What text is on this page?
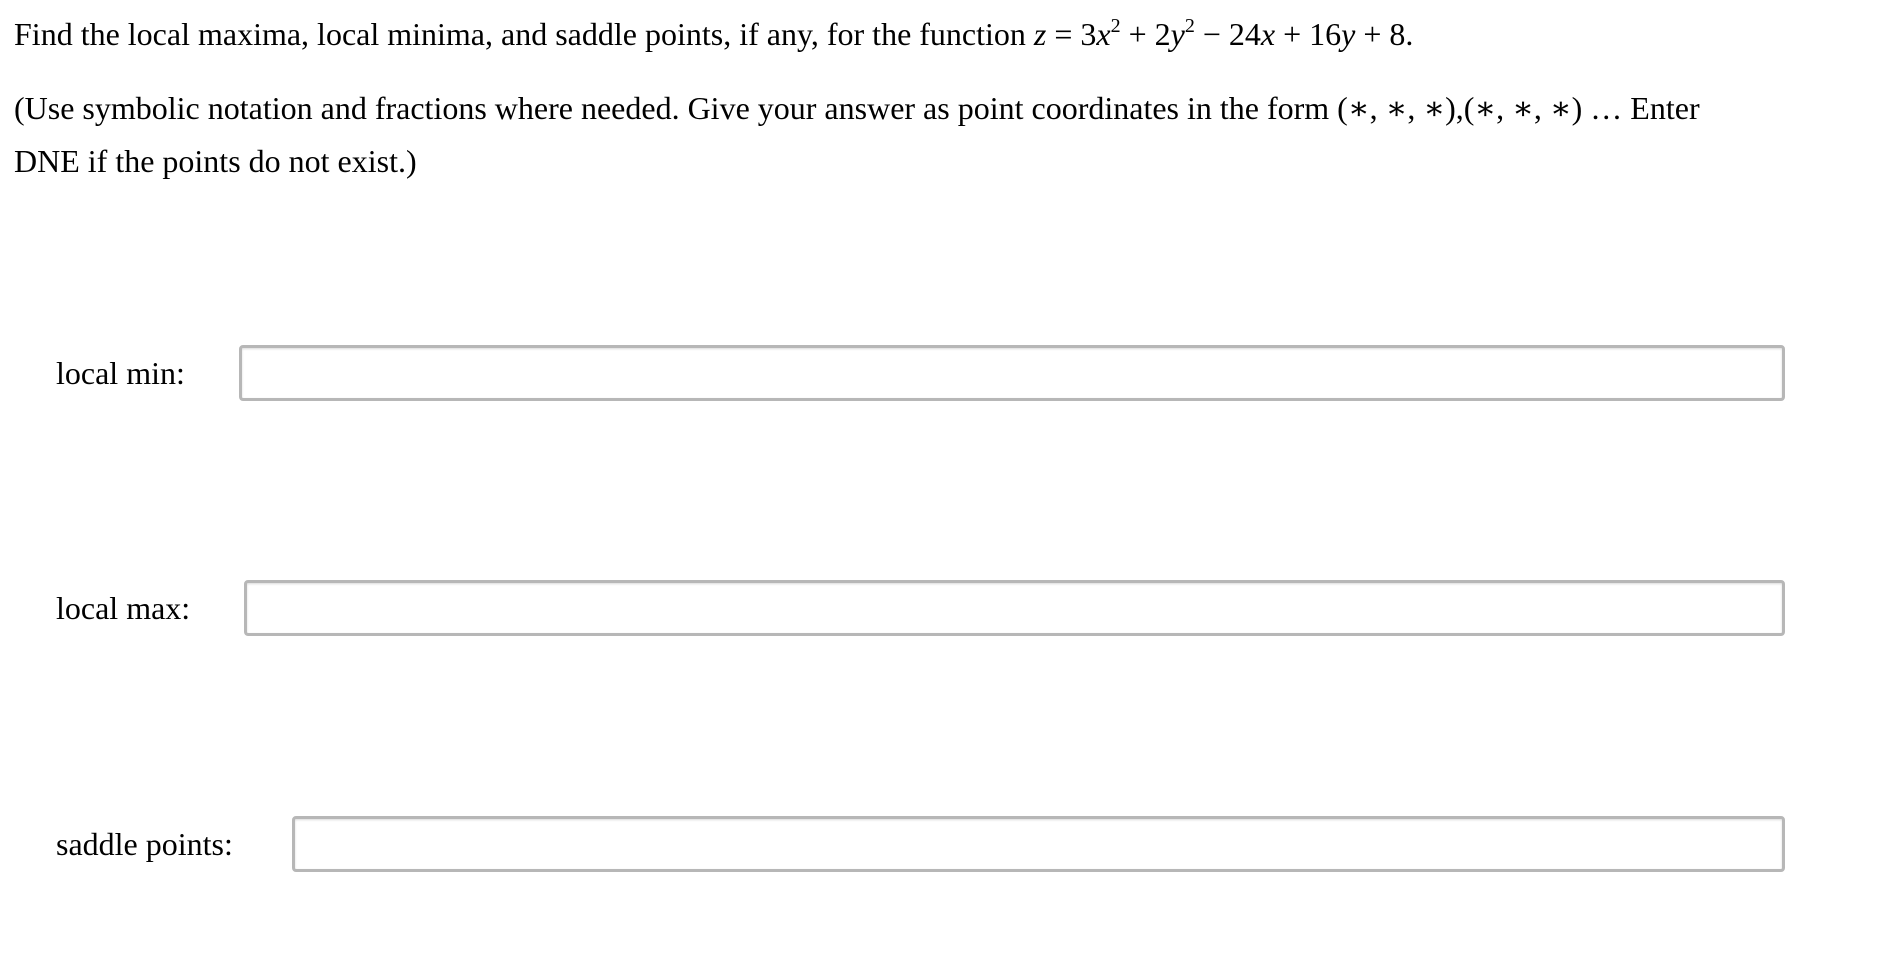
Find the local maxima, local minima, and saddle points, if any, for the function $z = 3x^2 + 2y^2 - 24x + 16y + 8$.
(Use symbolic notation and fractions where needed. Give your answer as point coordinates in the form (∗, ∗, ∗),(∗, ∗, ∗) … Enter
DNE if the points do not exist.)
local min:
local max:
saddle points:
